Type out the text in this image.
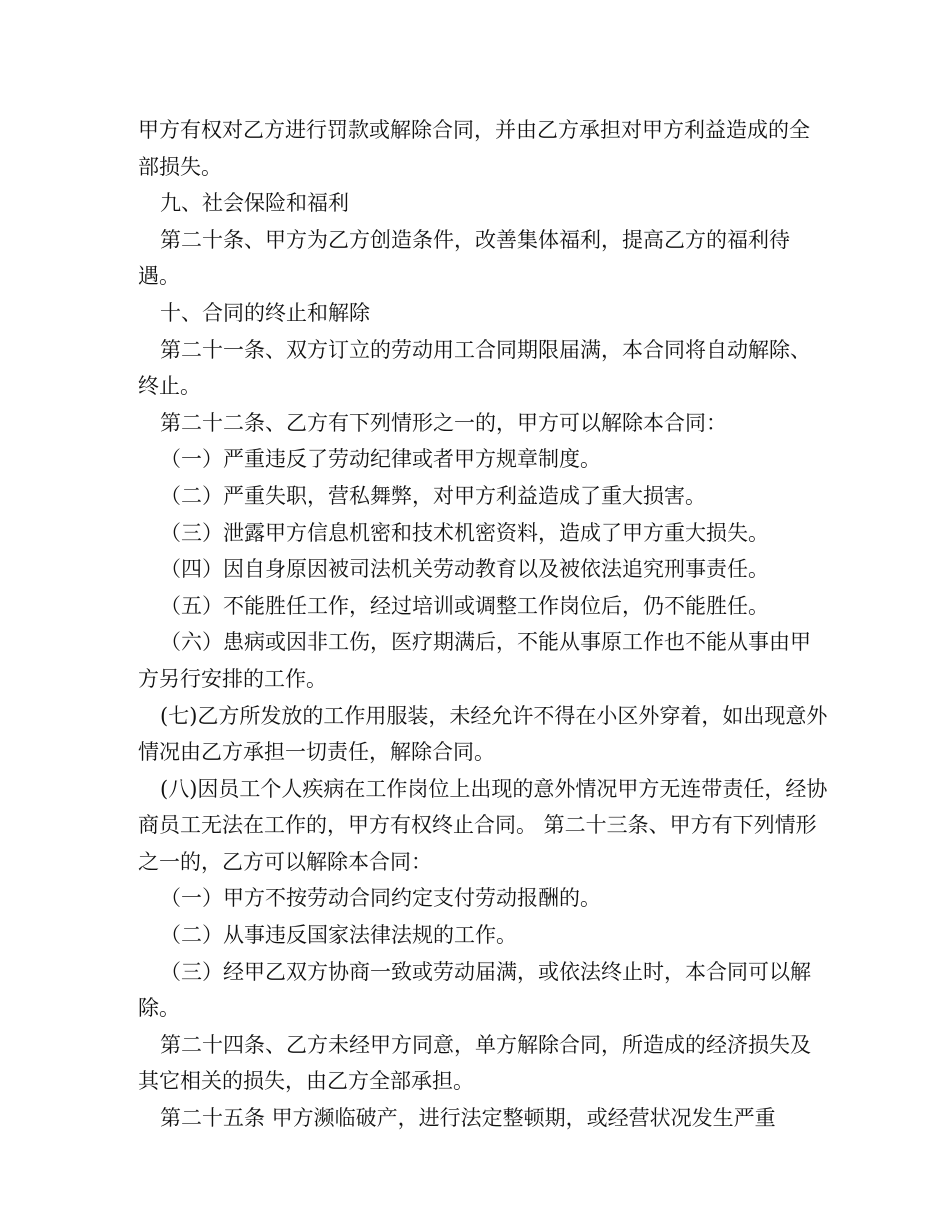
甲方有权对乙方进行罚款或解除合同，并由乙方承担对甲方利益造成的全部损失。

九、社会保险和福利

第二十条、甲方为乙方创造条件，改善集体福利，提高乙方的福利待遇。

十、合同的终止和解除

第二十一条、双方订立的劳动用工合同期限届满，本合同将自动解除、终止。

第二十二条、乙方有下列情形之一的，甲方可以解除本合同：

（一）严重违反了劳动纪律或者甲方规章制度。

（二）严重失职，营私舞弊，对甲方利益造成了重大损害。

（三）泄露甲方信息机密和技术机密资料，造成了甲方重大损失。

（四）因自身原因被司法机关劳动教育以及被依法追究刑事责任。

（五）不能胜任工作，经过培训或调整工作岗位后，仍不能胜任。

（六）患病或因非工伤，医疗期满后，不能从事原工作也不能从事由甲方另行安排的工作。

(七)乙方所发放的工作用服装，未经允许不得在小区外穿着，如出现意外情况由乙方承担一切责任，解除合同。

(八)因员工个人疾病在工作岗位上出现的意外情况甲方无连带责任，经协商员工无法在工作的，甲方有权终止合同。 第二十三条、甲方有下列情形之一的，乙方可以解除本合同：

（一）甲方不按劳动合同约定支付劳动报酬的。

（二）从事违反国家法律法规的工作。

（三）经甲乙双方协商一致或劳动届满，或依法终止时，本合同可以解除。

第二十四条、乙方未经甲方同意，单方解除合同，所造成的经济损失及其它相关的损失，由乙方全部承担。

第二十五条 甲方濒临破产，进行法定整顿期，或经营状况发生严重
